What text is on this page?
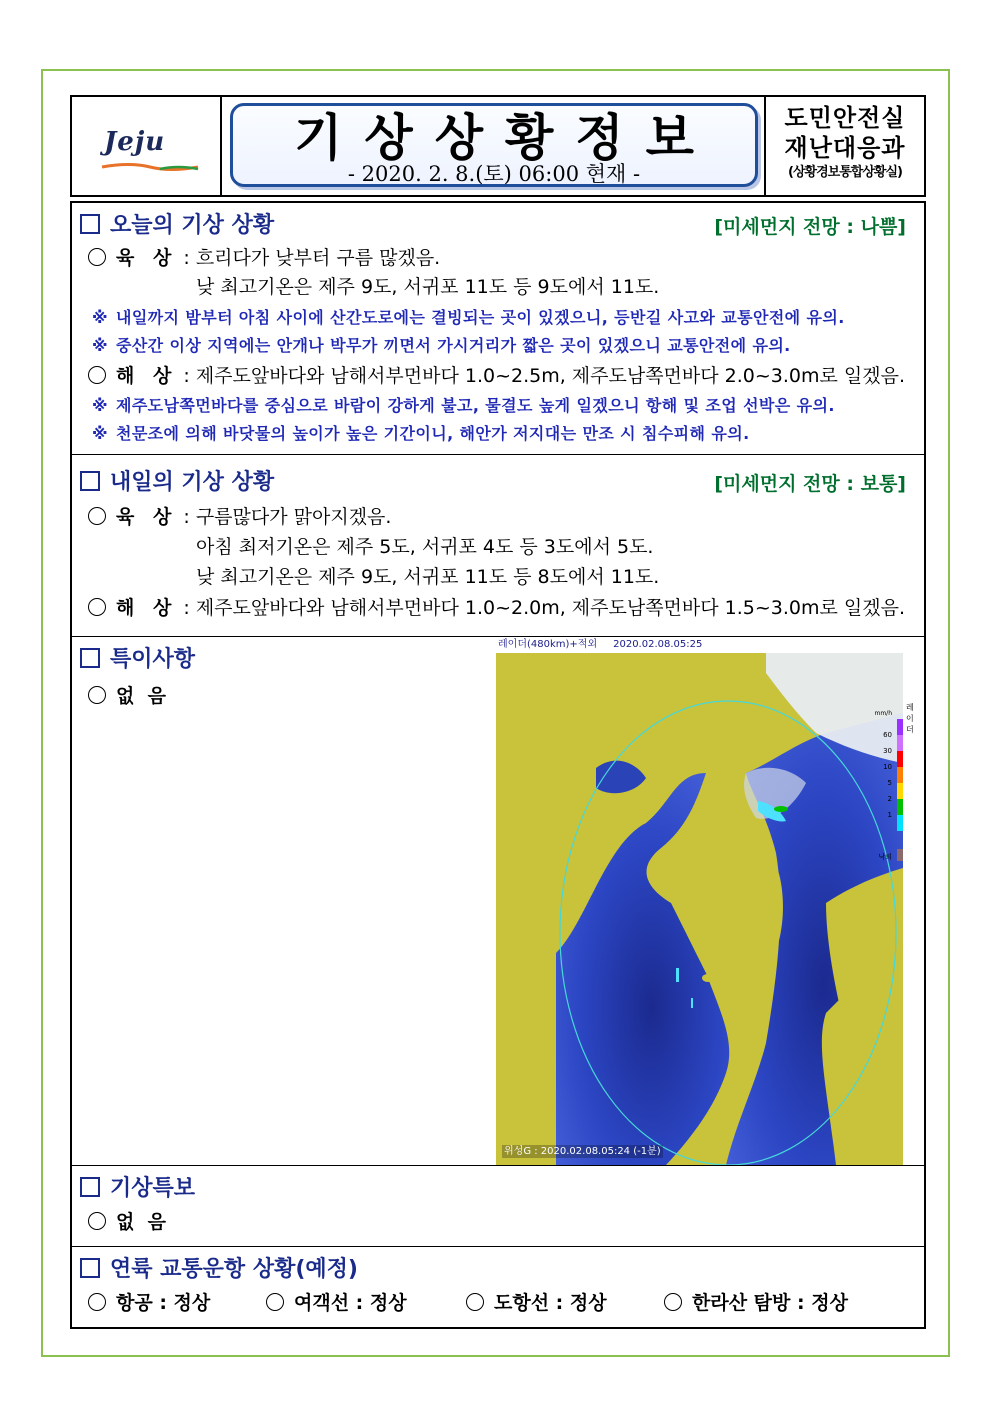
Jeju	기상상황정보
- 2020. 2. 8.(토) 06:00 현재 -
도민안전실
재난대응과
(상황경보통합상황실)
오늘의 기상 상황	[미세먼지 전망 : 나쁨]
육 상 : 흐리다가 낮부터 구름 많겠음.
낮 최고기온은 제주 9도, 서귀포 11도 등 9도에서 11도.
※ 내일까지 밤부터 아침 사이에 산간도로에는 결빙되는 곳이 있겠으니, 등반길 사고와 교통안전에 유의.
※ 중산간 이상 지역에는 안개나 박무가 끼면서 가시거리가 짧은 곳이 있겠으니 교통안전에 유의.
해 상 : 제주도앞바다와 남해서부먼바다 1.0~2.5m, 제주도남쪽먼바다 2.0~3.0m로 일겠음.
※ 제주도남쪽먼바다를 중심으로 바람이 강하게 불고, 물결도 높게 일겠으니 항해 및 조업 선박은 유의.
※ 천문조에 의해 바닷물의 높이가 높은 기간이니, 해안가 저지대는 만조 시 침수피해 유의.
내일의 기상 상황	[미세먼지 전망 : 보통]
육 상 : 구름많다가 맑아지겠음.
아침 최저기온은 제주 5도, 서귀포 4도 등 3도에서 5도.
낮 최고기온은 제주 9도, 서귀포 11도 등 8도에서 11도.
해 상 : 제주도앞바다와 남해서부먼바다 1.0~2.0m, 제주도남쪽먼바다 1.5~3.0m로 일겠음.
특이사항
없  음
레이더(480km)+적외 2020.02.08.05:25
60
30
10
5
2
1
mm/h
낙뢰
레이더
위성G : 2020.02.08.05:24 (-1분)
기상특보
없  음
연륙 교통운항 상황(예정)
항공 : 정상	여객선 : 정상	도항선 : 정상	한라산 탐방 : 정상
